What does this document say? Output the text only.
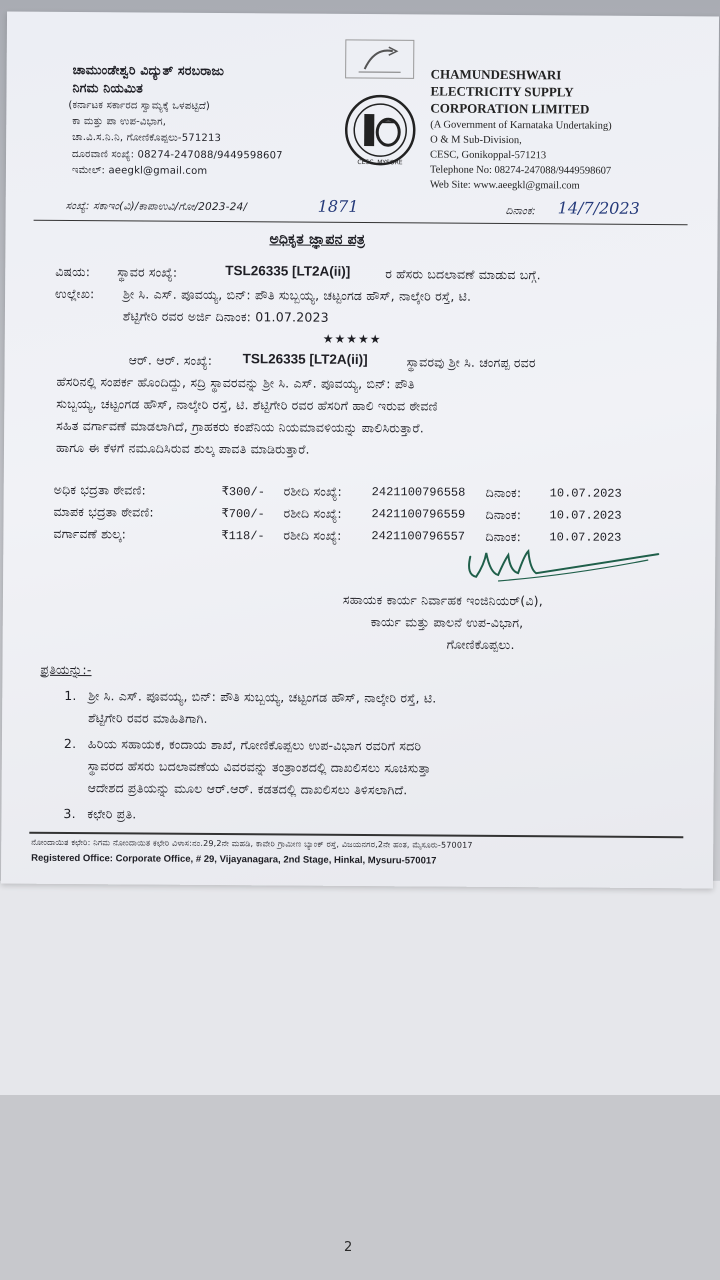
2
ಚಾಮುಂಡೇಶ್ವರಿ ವಿದ್ಯುತ್ ಸರಬರಾಜು
ನಿಗಮ ನಿಯಮಿತ
(ಕರ್ನಾಟಕ ಸರ್ಕಾರದ ಸ್ವಾಮ್ಯಕ್ಕೆ ಒಳಪಟ್ಟಿದೆ)
ಕಾ ಮತ್ತು ಪಾ ಉಪ-ವಿಭಾಗ,
ಚಾ.ವಿ.ಸ.ನಿ.ನಿ, ಗೋಣಿಕೊಪ್ಪಲು-571213
ದೂರವಾಣಿ ಸಂಖ್ಯೆ: 08274-247088/9449598607
ಇಮೇಲ್: aeegkl@gmail.com
CESC, MYSORE
CHAMUNDESHWARI
ELECTRICITY SUPPLY
CORPORATION LIMITED
(A Government of Karnataka Undertaking)
O & M Sub-Division,
CESC, Gonikoppal-571213
Telephone No: 08274-247088/9449598607
Web Site: www.aeegkl@gmail.com
ಸಂಖ್ಯೆ: ಸಕಾಇಂ(ವಿ)/ಕಾಪಾಉವಿ/ಗೋ/2023-24/	1871	ದಿನಾಂಕ: 14/7/2023
ಅಧಿಕೃತ ಜ್ಞಾಪನ ಪತ್ರ
ವಿಷಯ: ಸ್ಥಾವರ ಸಂಖ್ಯೆ:	TSL26335 [LT2A(ii)]	ರ ಹೆಸರು ಬದಲಾವಣೆ ಮಾಡುವ ಬಗ್ಗೆ.
ಉಲ್ಲೇಖ: ಶ್ರೀ ಸಿ. ಎಸ್. ಪೂವಯ್ಯ, ಬಿನ್: ಪೌತಿ ಸುಬ್ಬಯ್ಯ, ಚಟ್ಟಂಗಡ ಹೌಸ್, ನಾಲ್ಕೇರಿ ರಸ್ತೆ, ಟಿ.
ಶೆಟ್ಟಿಗೇರಿ ರವರ ಅರ್ಜಿ ದಿನಾಂಕ: 01.07.2023
★★★★★
ಆರ್. ಆರ್. ಸಂಖ್ಯೆ: TSL26335 [LT2A(ii)]	ಸ್ಥಾವರವು ಶ್ರೀ ಸಿ. ಚಂಗಪ್ಪ ರವರ
ಹೆಸರಿನಲ್ಲಿ ಸಂಪರ್ಕ ಹೊಂದಿದ್ದು, ಸದ್ರಿ ಸ್ಥಾವರವನ್ನು ಶ್ರೀ ಸಿ. ಎಸ್. ಪೂವಯ್ಯ, ಬಿನ್: ಪೌತಿ
ಸುಬ್ಬಯ್ಯ, ಚಟ್ಟಂಗಡ ಹೌಸ್, ನಾಲ್ಕೇರಿ ರಸ್ತೆ, ಟಿ. ಶೆಟ್ಟಿಗೇರಿ ರವರ ಹೆಸರಿಗೆ ಹಾಲಿ ಇರುವ ಠೇವಣಿ
ಸಹಿತ ವರ್ಗಾವಣೆ ಮಾಡಲಾಗಿದೆ, ಗ್ರಾಹಕರು ಕಂಪೆನಿಯ ನಿಯಮಾವಳಿಯನ್ನು ಪಾಲಿಸಿರುತ್ತಾರೆ.
ಹಾಗೂ ಈ ಕೆಳಗೆ ನಮೂದಿಸಿರುವ ಶುಲ್ಕ ಪಾವತಿ ಮಾಡಿರುತ್ತಾರೆ.
ಅಧಿಕ ಭದ್ರತಾ ಠೇವಣಿ:	₹300/- ರಶೀದಿ ಸಂಖ್ಯೆ: 242110079655​8 ದಿನಾಂಕ: 10.07.2023
ಮಾಪಕ ಭದ್ರತಾ ಠೇವಣಿ:	₹700/- ರಶೀದಿ ಸಂಖ್ಯೆ: 2421100796559 ದಿನಾಂಕ: 10.07.2023
ವರ್ಗಾವಣೆ ಶುಲ್ಕ:	₹118/- ರಶೀದಿ ಸಂಖ್ಯೆ: 2421100796557 ದಿನಾಂಕ: 10.07.2023
ಸಹಾಯಕ ಕಾರ್ಯ ನಿರ್ವಾಹಕ ಇಂಜಿನಿಯರ್(ವಿ),
ಕಾರ್ಯ ಮತ್ತು ಪಾಲನೆ ಉಪ-ವಿಭಾಗ,
ಗೋಣಿಕೊಪ್ಪಲು.
ಪ್ರತಿಯನ್ನು:-
1. ಶ್ರೀ ಸಿ. ಎಸ್. ಪೂವಯ್ಯ, ಬಿನ್: ಪೌತಿ ಸುಬ್ಬಯ್ಯ, ಚಟ್ಟಂಗಡ ಹೌಸ್, ನಾಲ್ಕೇರಿ ರಸ್ತೆ, ಟಿ.
ಶೆಟ್ಟಿಗೇರಿ ರವರ ಮಾಹಿತಿಗಾಗಿ.
2. ಹಿರಿಯ ಸಹಾಯಕ, ಕಂದಾಯ ಶಾಖೆ, ಗೋಣಿಕೊಪ್ಪಲು ಉಪ-ವಿಭಾಗ ರವರಿಗೆ ಸದರಿ
ಸ್ಥಾವರದ ಹೆಸರು ಬದಲಾವಣೆಯ ವಿವರವನ್ನು ತಂತ್ರಾಂಶದಲ್ಲಿ ದಾಖಲಿಸಲು ಸೂಚಿಸುತ್ತಾ
ಆದೇಶದ ಪ್ರತಿಯನ್ನು ಮೂಲ ಆರ್.ಆರ್. ಕಡತದಲ್ಲಿ ದಾಖಲಿಸಲು ತಿಳಿಸಲಾಗಿದೆ.
3. ಕಛೇರಿ ಪ್ರತಿ.
ನೋಂದಾಯಿತ ಕಛೇರಿ: ನಿಗಮ ನೋಂದಾಯಿತ ಕಛೇರಿ ವಿಳಾಸ:ನಂ.29,2ನೇ ಮಹಡಿ, ಕಾವೇರಿ ಗ್ರಾಮೀಣ ಬ್ಯಾಂಕ್ ರಸ್ತೆ, ವಿಜಯನಗರ,2ನೇ ಹಂತ, ಮೈಸೂರು-570017
Registered Office: Corporate Office, # 29, Vijayanagara, 2nd Stage, Hinkal, Mysuru-570017
